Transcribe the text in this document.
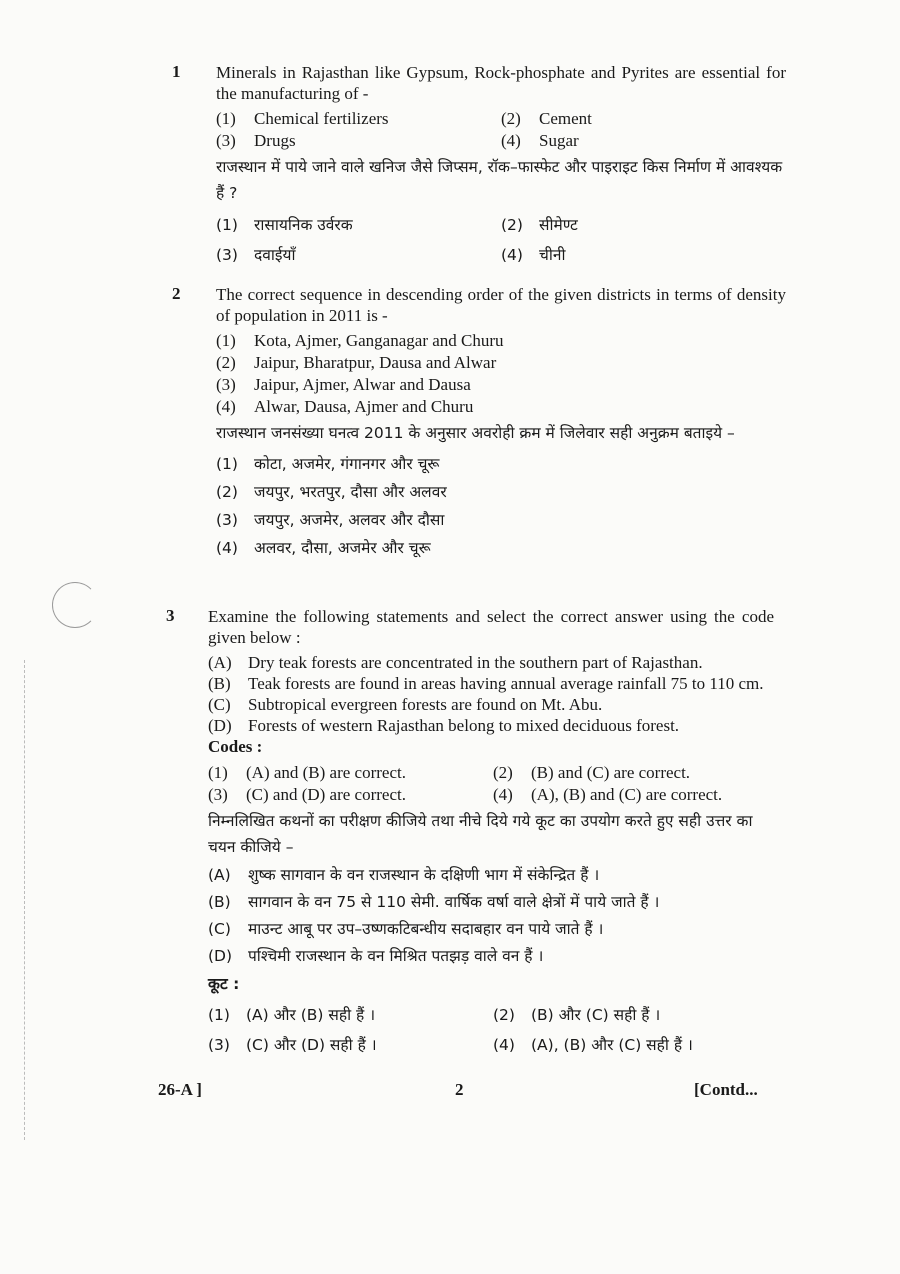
1 Minerals in Rajasthan like Gypsum, Rock-phosphate and Pyrites are essential for the manufacturing of -

(1)	Chemical fertilizers	(2)	Cement
(3)	Drugs	(4)	Sugar

राजस्थान में पाये जाने वाले खनिज जैसे जिप्सम, रॉक–फास्फेट और पाइराइट किस निर्माण में आवश्यक हैं ?

(1)	रासायनिक उर्वरक	(2)	सीमेण्ट
(3)	दवाईयाँ	(4)	चीनी
2 The correct sequence in descending order of the given districts in terms of density of population in 2011 is -

(1)	Kota, Ajmer, Ganganagar and Churu
(2)	Jaipur, Bharatpur, Dausa and Alwar
(3)	Jaipur, Ajmer, Alwar and Dausa
(4)	Alwar, Dausa, Ajmer and Churu

राजस्थान जनसंख्या घनत्व 2011 के अनुसार अवरोही क्रम में जिलेवार सही अनुक्रम बताइये –

(1)	कोटा, अजमेर, गंगानगर और चूरू
(2)	जयपुर, भरतपुर, दौसा और अलवर
(3)	जयपुर, अजमेर, अलवर और दौसा
(4)	अलवर, दौसा, अजमेर और चूरू
3 Examine the following statements and select the correct answer using the code given below :

(A) Dry teak forests are concentrated in the southern part of Rajasthan.
(B)	Teak forests are found in areas having annual average rainfall 75 to 110 cm.
(C)	Subtropical evergreen forests are found on Mt. Abu.
(D) Forests of western Rajasthan belong to mixed deciduous forest.
Codes :
(1)	(A) and (B) are correct.	(2)	(B) and (C) are correct.
(3)	(C) and (D) are correct.	(4)	(A), (B) and (C) are correct.

निम्नलिखित कथनों का परीक्षण कीजिये तथा नीचे दिये गये कूट का उपयोग करते हुए सही उत्तर का चयन कीजिये –

(A)	शुष्क सागवान के वन राजस्थान के दक्षिणी भाग में संकेन्द्रित हैं ।
(B)	सागवान के वन 75 से 110 सेमी. वार्षिक वर्षा वाले क्षेत्रों में पाये जाते हैं ।
(C)	माउन्ट आबू पर उप–उष्णकटिबन्धीय सदाबहार वन पाये जाते हैं ।
(D)	पश्चिमी राजस्थान के वन मिश्रित पतझड़ वाले वन हैं ।
कूट :
(1)	(A) और (B) सही हैं ।	(2)	(B) और (C) सही हैं ।
(3)	(C) और (D) सही हैं ।	(4)	(A), (B) और (C) सही हैं ।
26-A ]	2	[Contd...
